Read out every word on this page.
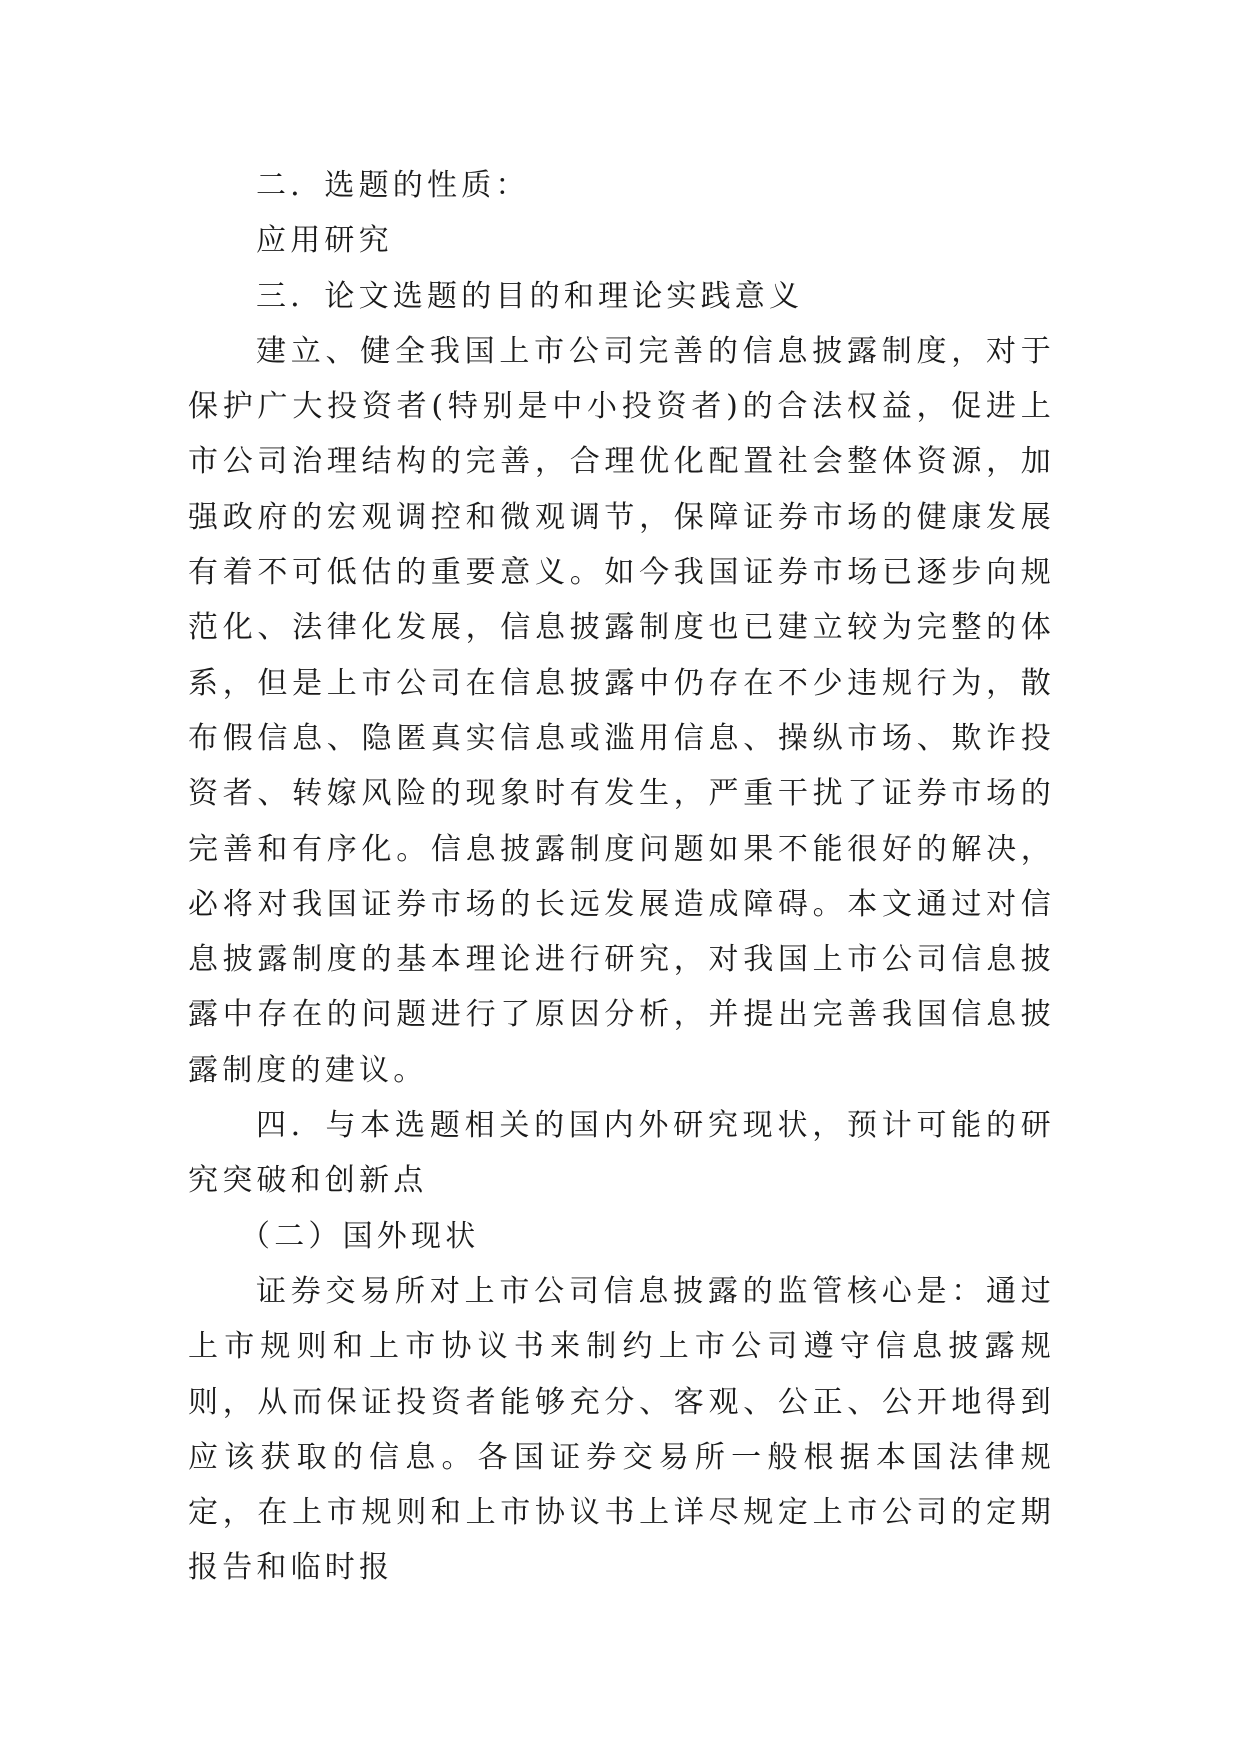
二．选题的性质：

应用研究

三．论文选题的目的和理论实践意义

建立、健全我国上市公司完善的信息披露制度，对于保护广大投资者(特别是中小投资者)的合法权益，促进上市公司治理结构的完善，合理优化配置社会整体资源，加强政府的宏观调控和微观调节，保障证券市场的健康发展有着不可低估的重要意义。如今我国证券市场已逐步向规范化、法律化发展，信息披露制度也已建立较为完整的体系，但是上市公司在信息披露中仍存在不少违规行为，散布假信息、隐匿真实信息或滥用信息、操纵市场、欺诈投资者、转嫁风险的现象时有发生，严重干扰了证券市场的完善和有序化。信息披露制度问题如果不能很好的解决，必将对我国证券市场的长远发展造成障碍。本文通过对信息披露制度的基本理论进行研究，对我国上市公司信息披露中存在的问题进行了原因分析，并提出完善我国信息披露制度的建议。

四．与本选题相关的国内外研究现状，预计可能的研究突破和创新点

（二）国外现状

证券交易所对上市公司信息披露的监管核心是：通过上市规则和上市协议书来制约上市公司遵守信息披露规则，从而保证投资者能够充分、客观、公正、公开地得到应该获取的信息。各国证券交易所一般根据本国法律规定，在上市规则和上市协议书上详尽规定上市公司的定期报告和临时报
